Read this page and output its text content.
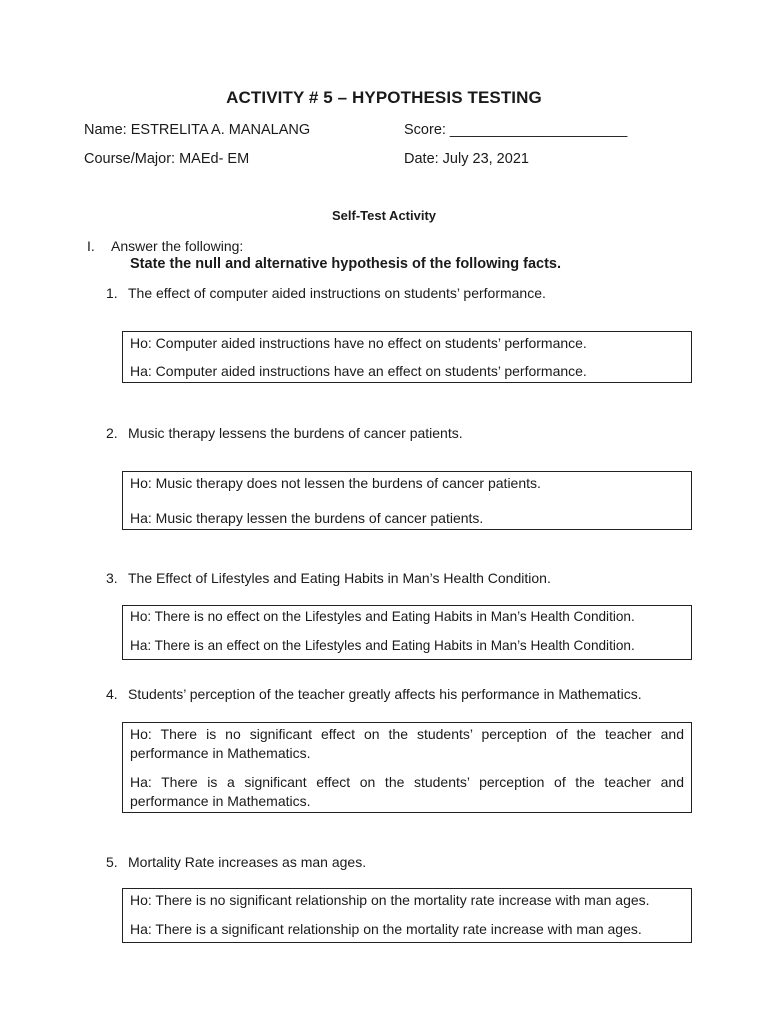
ACTIVITY # 5 – HYPOTHESIS TESTING
Name: ESTRELITA A. MANALANG	Score: ______________________
Course/Major: MAEd- EM	Date: July 23, 2021
Self-Test Activity
I. Answer the following:
State the null and alternative hypothesis of the following facts.
1. The effect of computer aided instructions on students’ performance.
Ho: Computer aided instructions have no effect on students’ performance.
Ha: Computer aided instructions have an effect on students’ performance.
2. Music therapy lessens the burdens of cancer patients.
Ho: Music therapy does not lessen the burdens of cancer patients.
Ha: Music therapy lessen the burdens of cancer patients.
3. The Effect of Lifestyles and Eating Habits in Man’s Health Condition.
Ho: There is no effect on the Lifestyles and Eating Habits in Man’s Health Condition.
Ha: There is an effect on the Lifestyles and Eating Habits in Man’s Health Condition.
4. Students’ perception of the teacher greatly affects his performance in Mathematics.
Ho: There is no significant effect on the students’ perception of the teacher and performance in Mathematics.
Ha: There is a significant effect on the students’ perception of the teacher and performance in Mathematics.
5. Mortality Rate increases as man ages.
Ho: There is no significant relationship on the mortality rate increase with man ages.
Ha: There is a significant relationship on the mortality rate increase with man ages.
